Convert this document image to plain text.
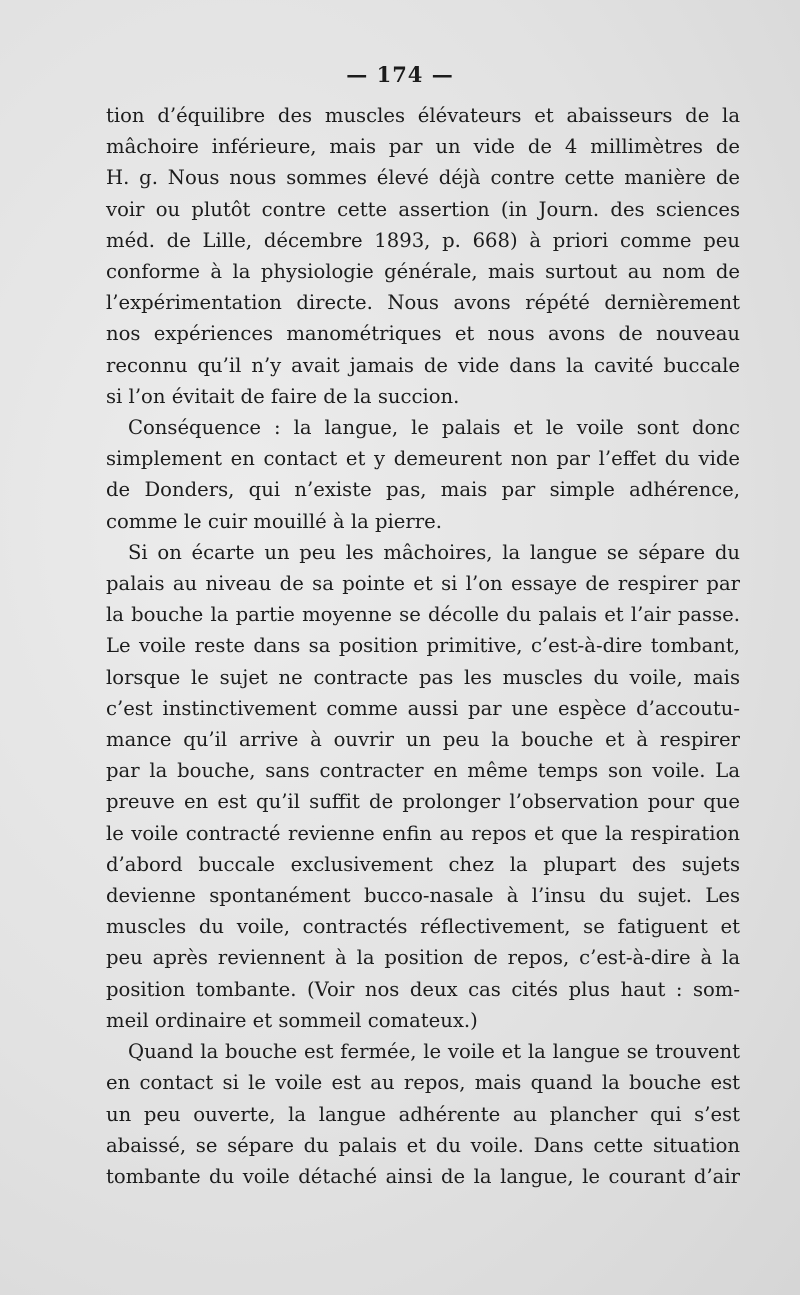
— 174 —
tion d’équilibre des muscles élévateurs et abaisseurs de la
mâchoire inférieure, mais par un vide de 4 millimètres de
H. g. Nous nous sommes élevé déjà contre cette manière de
voir ou plutôt contre cette assertion (in Journ. des sciences
méd. de Lille, décembre 1893, p. 668) à priori comme peu
conforme à la physiologie générale, mais surtout au nom de
l’expérimentation directe. Nous avons répété dernièrement
nos expériences manométriques et nous avons de nouveau
reconnu qu’il n’y avait jamais de vide dans la cavité buccale
si l’on évitait de faire de la succion.
Conséquence : la langue, le palais et le voile sont donc
simplement en contact et y demeurent non par l’effet du vide
de Donders, qui n’existe pas, mais par simple adhérence,
comme le cuir mouillé à la pierre.
Si on écarte un peu les mâchoires, la langue se sépare du
palais au niveau de sa pointe et si l’on essaye de respirer par
la bouche la partie moyenne se décolle du palais et l’air passe.
Le voile reste dans sa position primitive, c’est-à-dire tombant,
lorsque le sujet ne contracte pas les muscles du voile, mais
c’est instinctivement comme aussi par une espèce d’accoutu-
mance qu’il arrive à ouvrir un peu la bouche et à respirer
par la bouche, sans contracter en même temps son voile. La
preuve en est qu’il suffit de prolonger l’observation pour que
le voile contracté revienne enfin au repos et que la respiration
d’abord buccale exclusivement chez la plupart des sujets
devienne spontanément bucco-nasale à l’insu du sujet. Les
muscles du voile, contractés réflectivement, se fatiguent et
peu après reviennent à la position de repos, c’est-à-dire à la
position tombante. (Voir nos deux cas cités plus haut : som-
meil ordinaire et sommeil comateux.)
Quand la bouche est fermée, le voile et la langue se trouvent
en contact si le voile est au repos, mais quand la bouche est
un peu ouverte, la langue adhérente au plancher qui s’est
abaissé, se sépare du palais et du voile. Dans cette situation
tombante du voile détaché ainsi de la langue, le courant d’air
